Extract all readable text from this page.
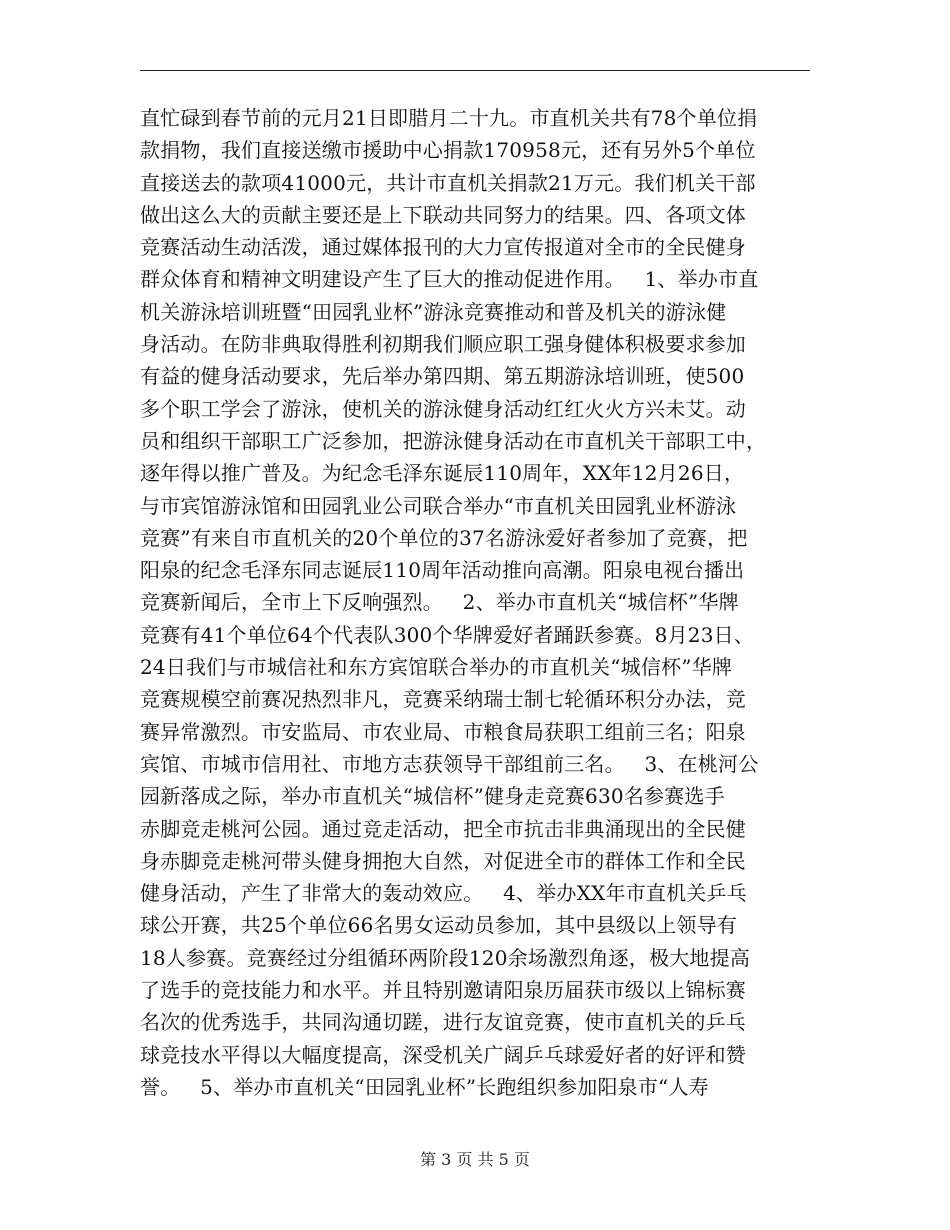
直忙碌到春节前的元月21日即腊月二十九。市直机关共有78个单位捐
款捐物，我们直接送缴市援助中心捐款170958元，还有另外5个单位
直接送去的款项41000元，共计市直机关捐款21万元。我们机关干部
做出这么大的贡献主要还是上下联动共同努力的结果。四、各项文体
竞赛活动生动活泼，通过媒体报刊的大力宣传报道对全市的全民健身
群众体育和精神文明建设产生了巨大的推动促进作用。   1、举办市直
机关游泳培训班暨“田园乳业杯”游泳竞赛推动和普及机关的游泳健
身活动。在防非典取得胜利初期我们顺应职工强身健体积极要求参加
有益的健身活动要求，先后举办第四期、第五期游泳培训班，使500
多个职工学会了游泳，使机关的游泳健身活动红红火火方兴未艾。动
员和组织干部职工广泛参加，把游泳健身活动在市直机关干部职工中，
逐年得以推广普及。为纪念毛泽东诞辰110周年，XX年12月26日，
与市宾馆游泳馆和田园乳业公司联合举办“市直机关田园乳业杯游泳
竞赛”有来自市直机关的20个单位的37名游泳爱好者参加了竞赛，把
阳泉的纪念毛泽东同志诞辰110周年活动推向高潮。阳泉电视台播出
竞赛新闻后，全市上下反响强烈。   2、举办市直机关“城信杯”华牌
竞赛有41个单位64个代表队300个华牌爱好者踊跃参赛。8月23日、
24日我们与市城信社和东方宾馆联合举办的市直机关“城信杯”华牌
竞赛规模空前赛况热烈非凡，竞赛采纳瑞士制七轮循环积分办法，竞
赛异常激烈。市安监局、市农业局、市粮食局获职工组前三名；阳泉
宾馆、市城市信用社、市地方志获领导干部组前三名。   3、在桃河公
园新落成之际，举办市直机关“城信杯”健身走竞赛630名参赛选手
赤脚竞走桃河公园。通过竞走活动，把全市抗击非典涌现出的全民健
身赤脚竞走桃河带头健身拥抱大自然，对促进全市的群体工作和全民
健身活动，产生了非常大的轰动效应。   4、举办XX年市直机关乒乓
球公开赛，共25个单位66名男女运动员参加，其中县级以上领导有
18人参赛。竞赛经过分组循环两阶段120余场激烈角逐，极大地提高
了选手的竞技能力和水平。并且特别邀请阳泉历届获市级以上锦标赛
名次的优秀选手，共同沟通切蹉，进行友谊竞赛，使市直机关的乒乓
球竞技水平得以大幅度提高，深受机关广阔乒乓球爱好者的好评和赞
誉。   5、举办市直机关“田园乳业杯”长跑组织参加阳泉市“人寿
第 3 页 共 5 页
